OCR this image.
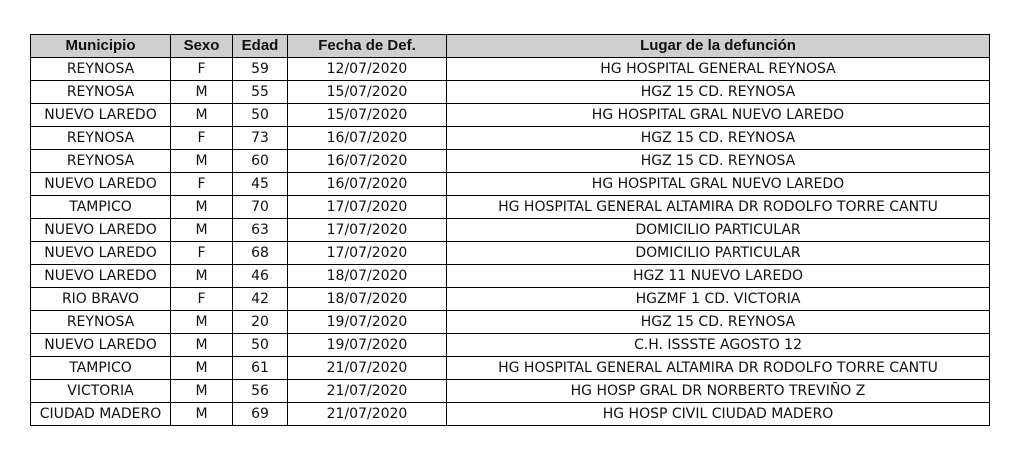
Municipio	Sexo	Edad	Fecha de Def.	Lugar de la defunción
REYNOSA	F	59	12/07/2020	HG HOSPITAL GENERAL REYNOSA
REYNOSA	M	55	15/07/2020	HGZ 15 CD. REYNOSA
NUEVO LAREDO	M	50	15/07/2020	HG HOSPITAL GRAL NUEVO LAREDO
REYNOSA	F	73	16/07/2020	HGZ 15 CD. REYNOSA
REYNOSA	M	60	16/07/2020	HGZ 15 CD. REYNOSA
NUEVO LAREDO	F	45	16/07/2020	HG HOSPITAL GRAL NUEVO LAREDO
TAMPICO	M	70	17/07/2020	HG HOSPITAL GENERAL ALTAMIRA DR RODOLFO TORRE CANTU
NUEVO LAREDO	M	63	17/07/2020	DOMICILIO PARTICULAR
NUEVO LAREDO	F	68	17/07/2020	DOMICILIO PARTICULAR
NUEVO LAREDO	M	46	18/07/2020	HGZ 11 NUEVO LAREDO
RIO BRAVO	F	42	18/07/2020	HGZMF 1 CD. VICTORIA
REYNOSA	M	20	19/07/2020	HGZ 15 CD. REYNOSA
NUEVO LAREDO	M	50	19/07/2020	C.H. ISSSTE AGOSTO 12
TAMPICO	M	61	21/07/2020	HG HOSPITAL GENERAL ALTAMIRA DR RODOLFO TORRE CANTU
VICTORIA	M	56	21/07/2020	HG HOSP GRAL DR NORBERTO TREVIÑO Z
CIUDAD MADERO	M	69	21/07/2020	HG HOSP CIVIL CIUDAD MADERO
